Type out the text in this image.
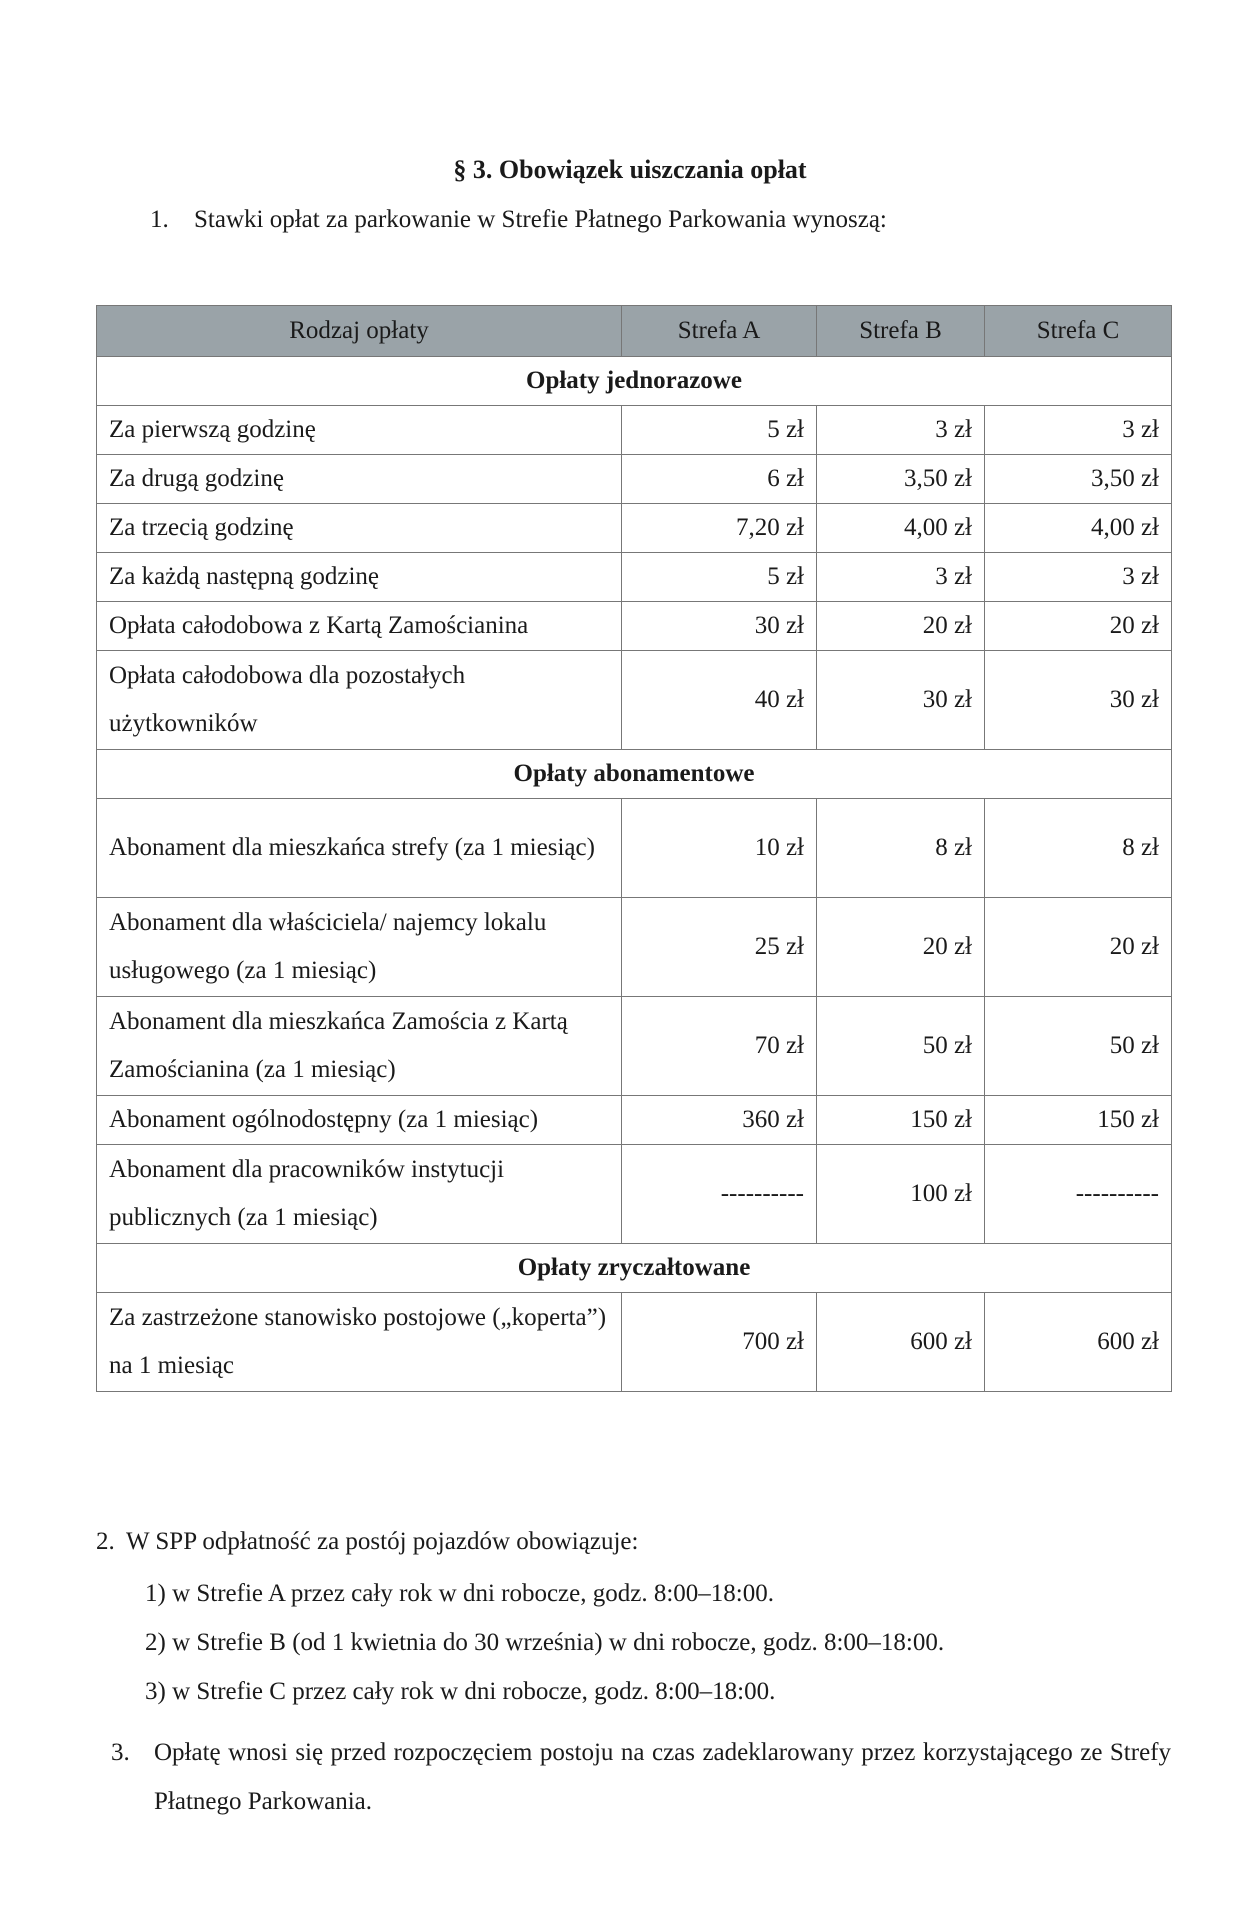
§ 3. Obowiązek uiszczania opłat
1. Stawki opłat za parkowanie w Strefie Płatnego Parkowania wynoszą:
Rodzaj opłaty	Strefa A	Strefa B	Strefa C
Opłaty jednorazowe			
Za pierwszą godzinę	5 zł	3 zł	3 zł
Za drugą godzinę	6 zł	3,50 zł	3,50 zł
Za trzecią godzinę	7,20 zł	4,00 zł	4,00 zł
Za każdą następną godzinę	5 zł	3 zł	3 zł
Opłata całodobowa z Kartą Zamościanina	30 zł	20 zł	20 zł
Opłata całodobowa dla pozostałych użytkowników	40 zł	30 zł	30 zł
Opłaty abonamentowe			
Abonament dla mieszkańca strefy (za 1 miesiąc)	10 zł	8 zł	8 zł
Abonament dla właściciela/ najemcy lokalu usługowego (za 1 miesiąc)	25 zł	20 zł	20 zł
Abonament dla mieszkańca Zamościa z Kartą Zamościanina (za 1 miesiąc)	70 zł	50 zł	50 zł
Abonament ogólnodostępny (za 1 miesiąc)	360 zł	150 zł	150 zł
Abonament dla pracowników instytucji publicznych (za 1 miesiąc)	----------	100 zł	----------
Opłaty zryczałtowane			
Za zastrzeżone stanowisko postojowe („koperta”) na 1 miesiąc	700 zł	600 zł	600 zł
2. W SPP odpłatność za postój pojazdów obowiązuje:
1) w Strefie A przez cały rok w dni robocze, godz. 8:00–18:00.
2) w Strefie B (od 1 kwietnia do 30 września) w dni robocze, godz. 8:00–18:00.
3) w Strefie C przez cały rok w dni robocze, godz. 8:00–18:00.
3. Opłatę wnosi się przed rozpoczęciem postoju na czas zadeklarowany przez korzystającego ze Strefy Płatnego Parkowania.
